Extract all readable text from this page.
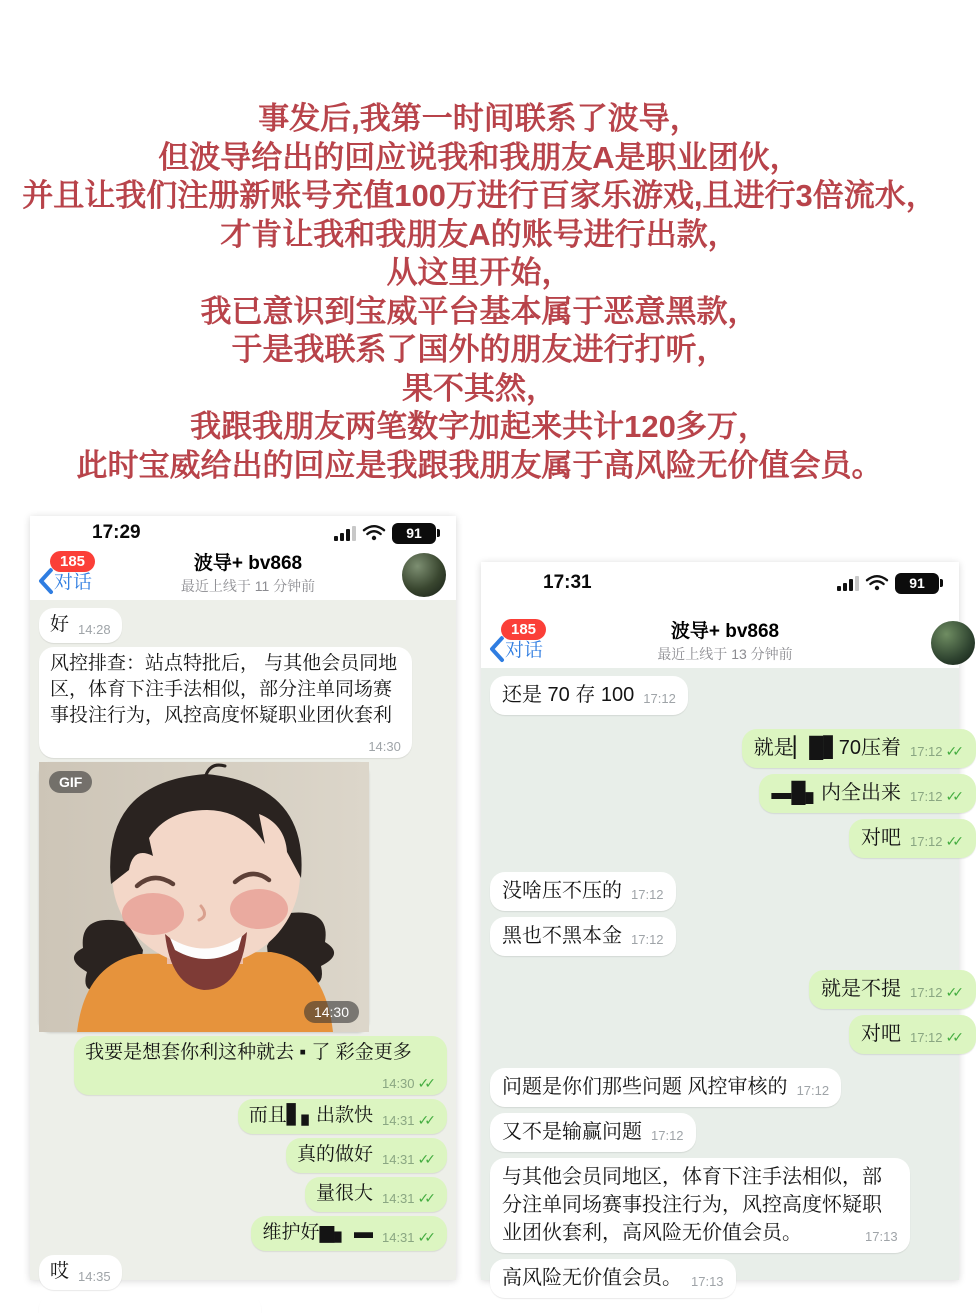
事发后,我第一时间联系了波导，
但波导给出的回应说我和我朋友A是职业团伙，
并且让我们注册新账号充值100万进行百家乐游戏,且进行3倍流水，
才肯让我和我朋友A的账号进行出款，
从这里开始，
我已意识到宝威平台基本属于恶意黑款，
于是我联系了国外的朋友进行打听，
果不其然，
我跟我朋友两笔数字加起来共计120多万，
此时宝威给出的回应是我跟我朋友属于高风险无价值会员。
17:29	91
对话
185	波导+ bv868
最近上线于 11 分钟前
好 14:28
风控排查：站点特批后， 与其他会员同地区，体育下注手法相似，部分注单同场赛事投注行为，风控高度怀疑职业团伙套利
14:30
GIF
14:30
我要是想套你利这种就去 ▪ 了 彩金更多
14:30 ✓✓
而且▋▖出款快 14:31 ✓✓
真的做好 14:31 ✓✓
量很大 14:31 ✓✓
维护好▆▖ ▬ 14:31 ✓✓
哎 14:35
17:31	91
对话
185	波导+ bv868
最近上线于 13 分钟前
还是 70 存 100 17:12
就是▏█▋70压着 17:12 ✓✓
▬█▖内全出来 17:12 ✓✓
对吧 17:12 ✓✓
没啥压不压的 17:12
黑也不黑本金 17:12
就是不提 17:12 ✓✓
对吧 17:12 ✓✓
问题是你们那些问题 风控审核的 17:12
又不是输赢问题 17:12
与其他会员同地区，体育下注手法相似，部分注单同场赛事投注行为，风控高度怀疑职业团伙套利，高风险无价值会员。	17:13
高风险无价值会员。 17:13
